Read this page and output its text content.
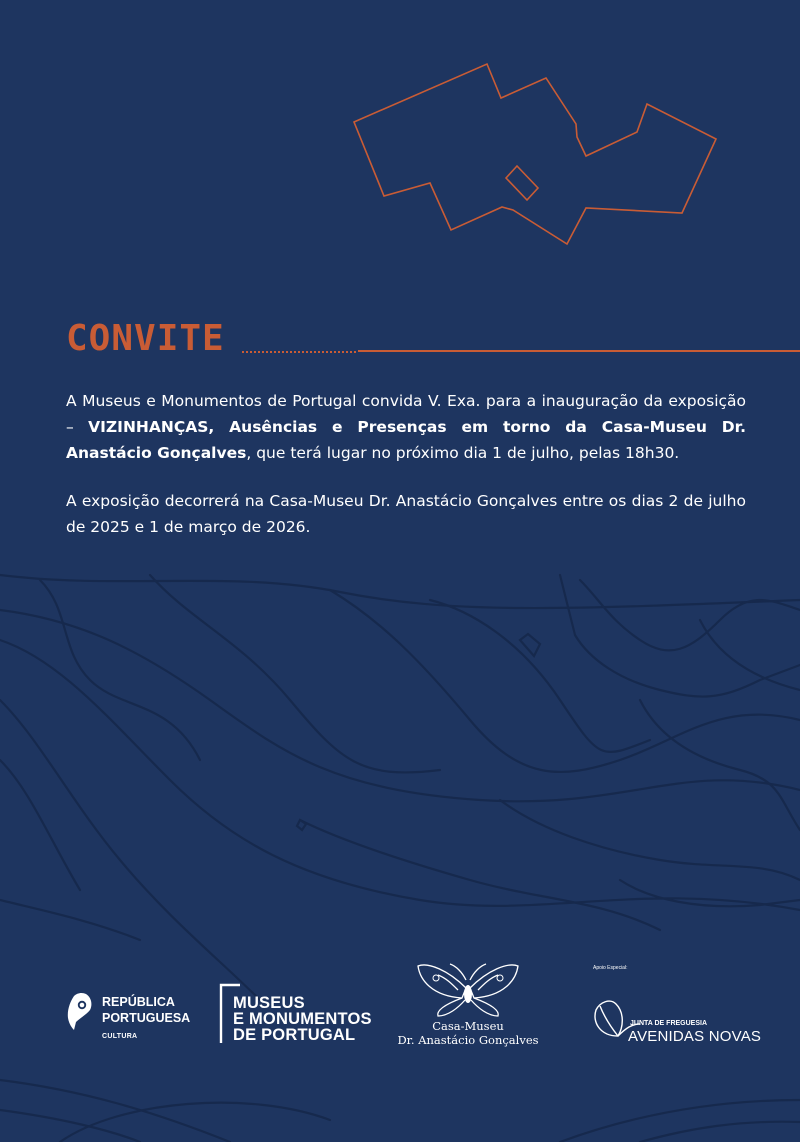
CONVITE

A Museus e Monumentos de Portugal convida V. Exa. para a inauguração da exposição – VIZINHANÇAS, Ausências e Presenças em torno da Casa-Museu Dr. Anastácio Gonçalves, que terá lugar no próximo dia 1 de julho, pelas 18h30.

A exposição decorrerá na Casa-Museu Dr. Anastácio Gonçalves entre os dias 2 de julho de 2025 e 1 de março de 2026.

REPÚBLICA

PORTUGUESA

CULTURA

MUSEUS

E MONUMENTOS

DE PORTUGAL	Casa-Museu

Dr. Anastácio Gonçalves

Apoio Especial:

JUNTA DE FREGUESIA

AVENIDAS NOVAS
